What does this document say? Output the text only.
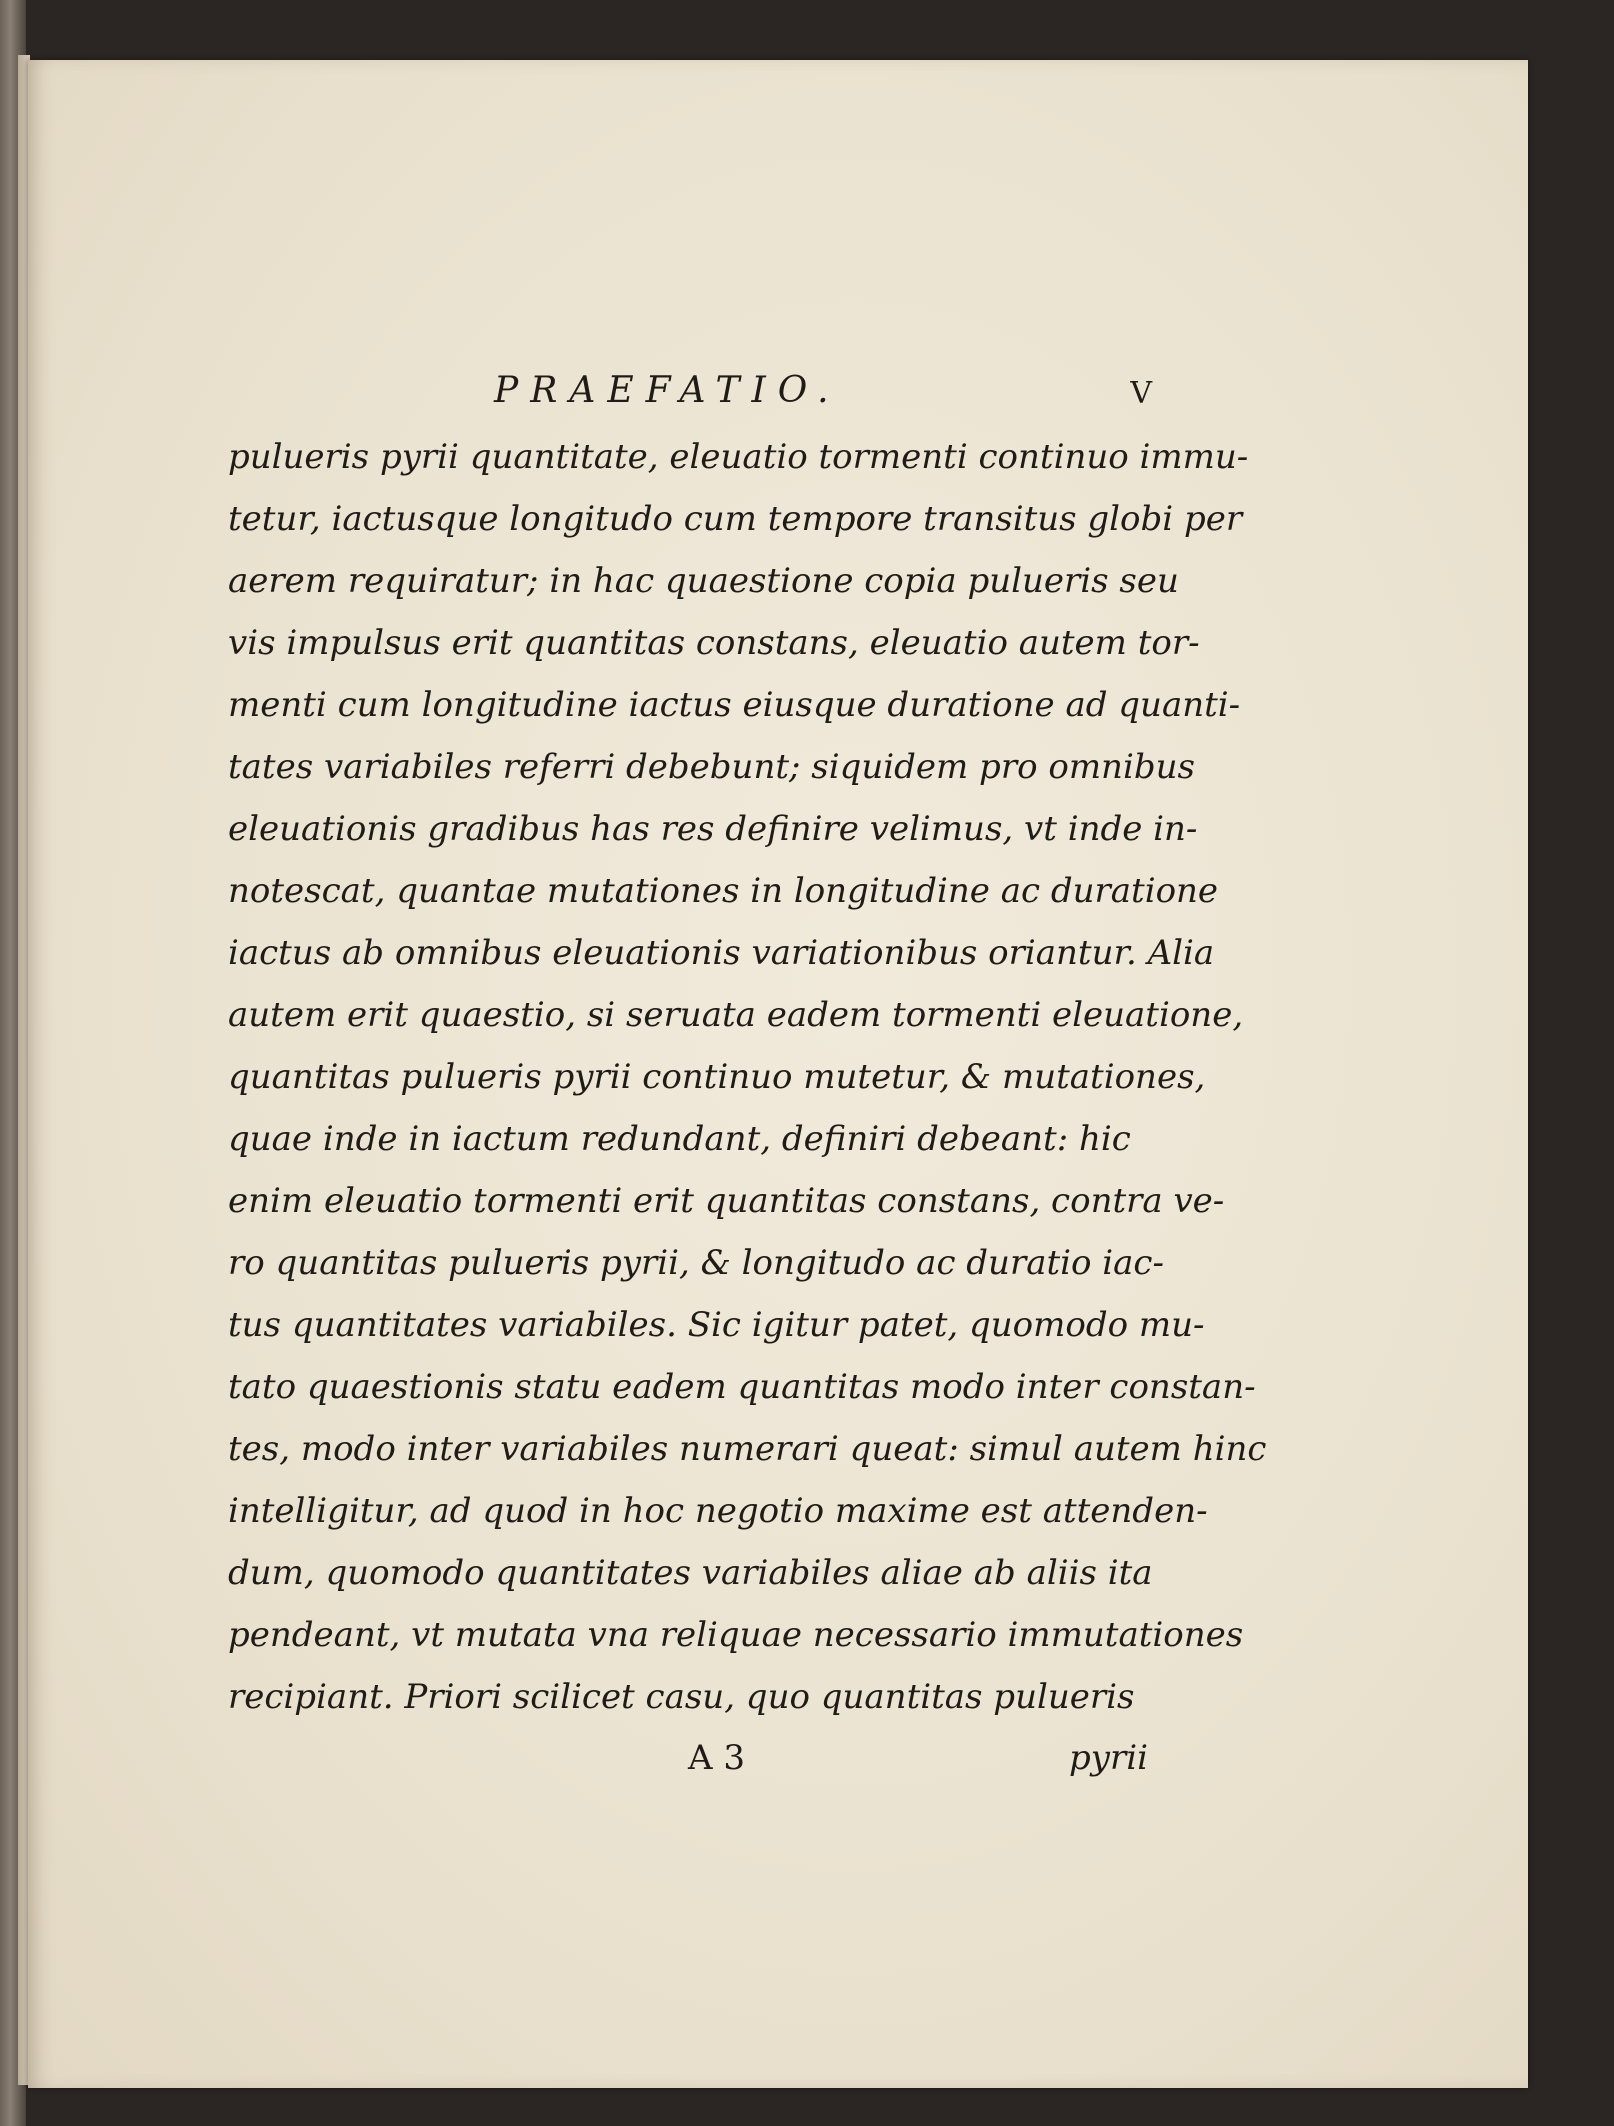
PRAEFATIO.	V
pulueris pyrii quantitate, eleuatio tormenti continuo immu-
tetur, iactusque longitudo cum tempore transitus globi per
aerem requiratur; in hac quaestione copia pulueris seu
vis impulsus erit quantitas constans, eleuatio autem tor-
menti cum longitudine iactus eiusque duratione ad quanti-
tates variabiles referri debebunt; siquidem pro omnibus
eleuationis gradibus has res definire velimus, vt inde in-
notescat, quantae mutationes in longitudine ac duratione
iactus ab omnibus eleuationis variationibus oriantur. Alia
autem erit quaestio, si seruata eadem tormenti eleuatione,
quantitas pulueris pyrii continuo mutetur, & mutationes,
quae inde in iactum redundant, definiri debeant: hic
enim eleuatio tormenti erit quantitas constans, contra ve-
ro quantitas pulueris pyrii, & longitudo ac duratio iac-
tus quantitates variabiles. Sic igitur patet, quomodo mu-
tato quaestionis statu eadem quantitas modo inter constan-
tes, modo inter variabiles numerari queat: simul autem hinc
intelligitur, ad quod in hoc negotio maxime est attenden-
dum, quomodo quantitates variabiles aliae ab aliis ita
pendeant, vt mutata vna reliquae necessario immutationes
recipiant. Priori scilicet casu, quo quantitas pulueris
A 3	pyrii
